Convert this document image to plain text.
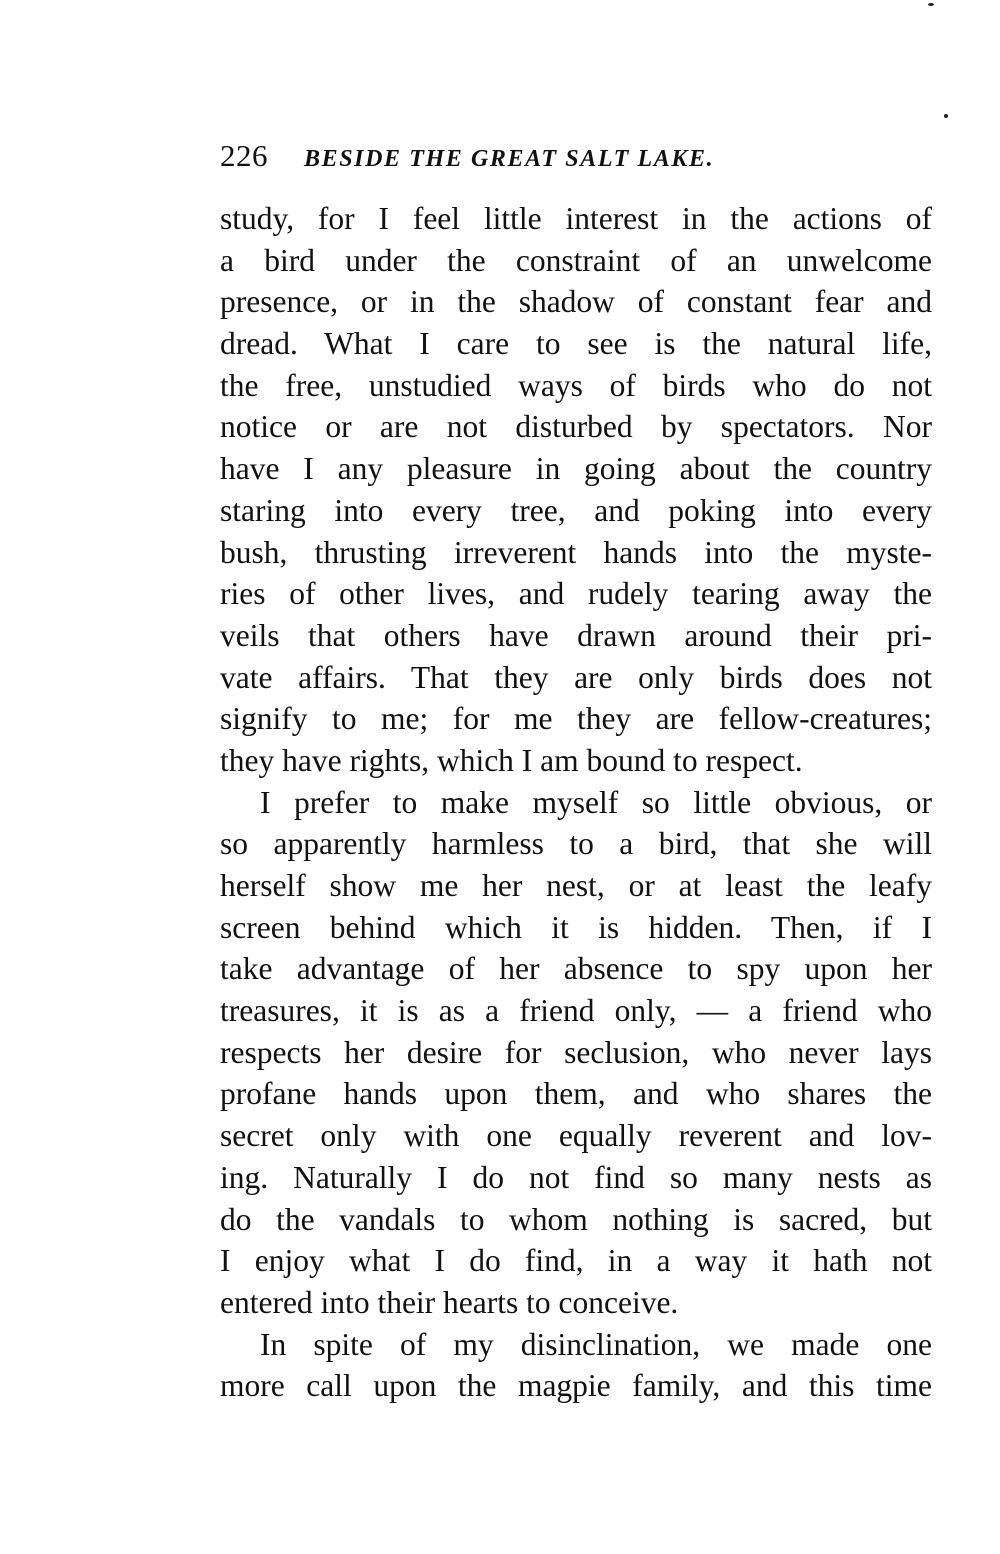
226 BESIDE THE GREAT SALT LAKE.
study, for I feel little interest in the actions of
a bird under the constraint of an unwelcome
presence, or in the shadow of constant fear and
dread. What I care to see is the natural life,
the free, unstudied ways of birds who do not
notice or are not disturbed by spectators. Nor
have I any pleasure in going about the country
staring into every tree, and poking into every
bush, thrusting irreverent hands into the myste-
ries of other lives, and rudely tearing away the
veils that others have drawn around their pri-
vate affairs. That they are only birds does not
signify to me; for me they are fellow-creatures;
they have rights, which I am bound to respect.
I prefer to make myself so little obvious, or
so apparently harmless to a bird, that she will
herself show me her nest, or at least the leafy
screen behind which it is hidden. Then, if I
take advantage of her absence to spy upon her
treasures, it is as a friend only, — a friend who
respects her desire for seclusion, who never lays
profane hands upon them, and who shares the
secret only with one equally reverent and lov-
ing. Naturally I do not find so many nests as
do the vandals to whom nothing is sacred, but
I enjoy what I do find, in a way it hath not
entered into their hearts to conceive.
In spite of my disinclination, we made one
more call upon the magpie family, and this time
